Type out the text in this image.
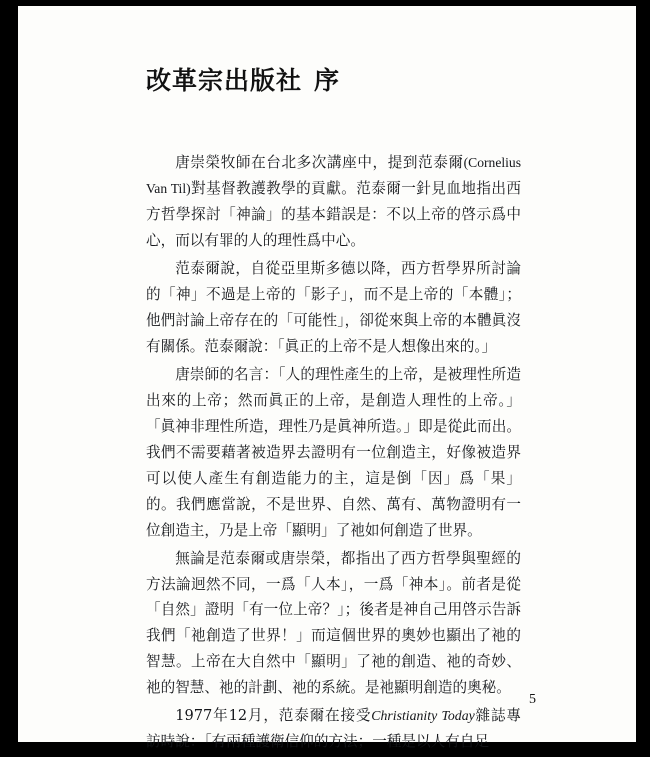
改革宗出版社 序

唐崇榮牧師在台北多次講座中，提到范泰爾(Cornelius Van Til)對基督教護教學的貢獻。范泰爾一針見血地指出西方哲學探討「神論」的基本錯誤是：不以上帝的啓示爲中心，而以有罪的人的理性爲中心。

范泰爾說，自從亞里斯多德以降，西方哲學界所討論的「神」不過是上帝的「影子」，而不是上帝的「本體」；他們討論上帝存在的「可能性」，卻從來與上帝的本體眞沒有關係。范泰爾說：「眞正的上帝不是人想像出來的。」

唐崇師的名言：「人的理性產生的上帝，是被理性所造出來的上帝；然而眞正的上帝，是創造人理性的上帝。」「眞神非理性所造，理性乃是眞神所造。」即是從此而出。我們不需要藉著被造界去證明有一位創造主，好像被造界可以使人產生有創造能力的主，這是倒「因」爲「果」的。我們應當說，不是世界、自然、萬有、萬物證明有一位創造主，乃是上帝「顯明」了祂如何創造了世界。

無論是范泰爾或唐崇榮，都指出了西方哲學與聖經的方法論迥然不同，一爲「人本」，一爲「神本」。前者是從「自然」證明「有一位上帝？」；後者是神自己用啓示告訴我們「祂創造了世界！」而這個世界的奧妙也顯出了祂的智慧。上帝在大自然中「顯明」了祂的創造、祂的奇妙、祂的智慧、祂的計劃、祂的系統。是祂顯明創造的奧秘。

1977年12月，范泰爾在接受Christianity Today雜誌專訪時說：「有兩種護衛信仰的方法；一種是以人有自足

5
